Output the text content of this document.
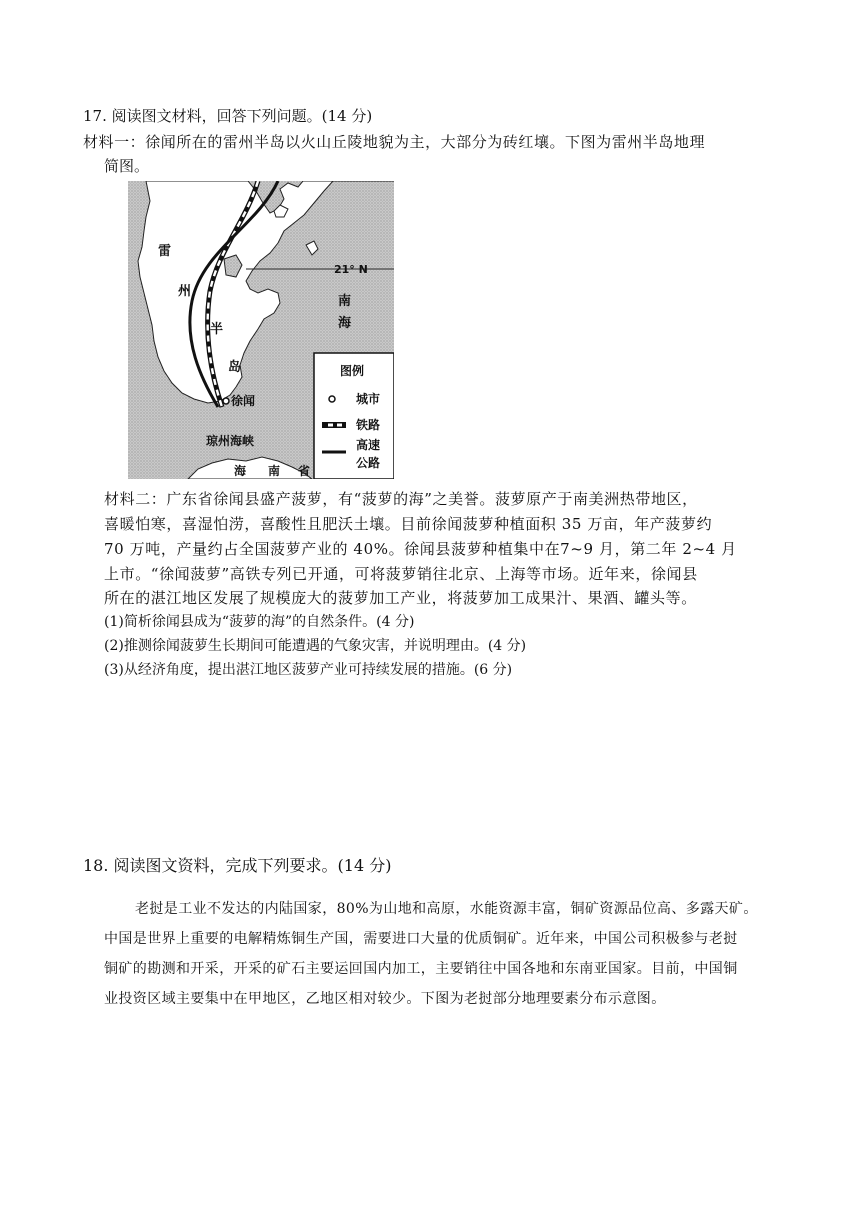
17. 阅读图文材料，回答下列问题。(14 分)
材料一：徐闻所在的雷州半岛以火山丘陵地貌为主，大部分为砖红壤。下图为雷州半岛地理
简图。
雷
州
半
岛
21° N
南
海
徐闻
琼州海峡
海 南 省
图例
城市
铁路
高速
公路
材料二：广东省徐闻县盛产菠萝，有“菠萝的海”之美誉。菠萝原产于南美洲热带地区，
喜暖怕寒，喜湿怕涝，喜酸性且肥沃土壤。目前徐闻菠萝种植面积 35 万亩，年产菠萝约
70 万吨，产量约占全国菠萝产业的 40%。徐闻县菠萝种植集中在7~9 月，第二年 2~4 月
上市。“徐闻菠萝”高铁专列已开通，可将菠萝销往北京、上海等市场。近年来，徐闻县
所在的湛江地区发展了规模庞大的菠萝加工产业，将菠萝加工成果汁、果酒、罐头等。
(1)简析徐闻县成为“菠萝的海”的自然条件。(4 分)
(2)推测徐闻菠萝生长期间可能遭遇的气象灾害，并说明理由。(4 分)
(3)从经济角度，提出湛江地区菠萝产业可持续发展的措施。(6 分)
18. 阅读图文资料，完成下列要求。(14 分)
老挝是工业不发达的内陆国家，80%为山地和高原，水能资源丰富，铜矿资源品位高、多露天矿。
中国是世界上重要的电解精炼铜生产国，需要进口大量的优质铜矿。近年来，中国公司积极参与老挝
铜矿的勘测和开采，开采的矿石主要运回国内加工，主要销往中国各地和东南亚国家。目前，中国铜
业投资区域主要集中在甲地区，乙地区相对较少。下图为老挝部分地理要素分布示意图。
